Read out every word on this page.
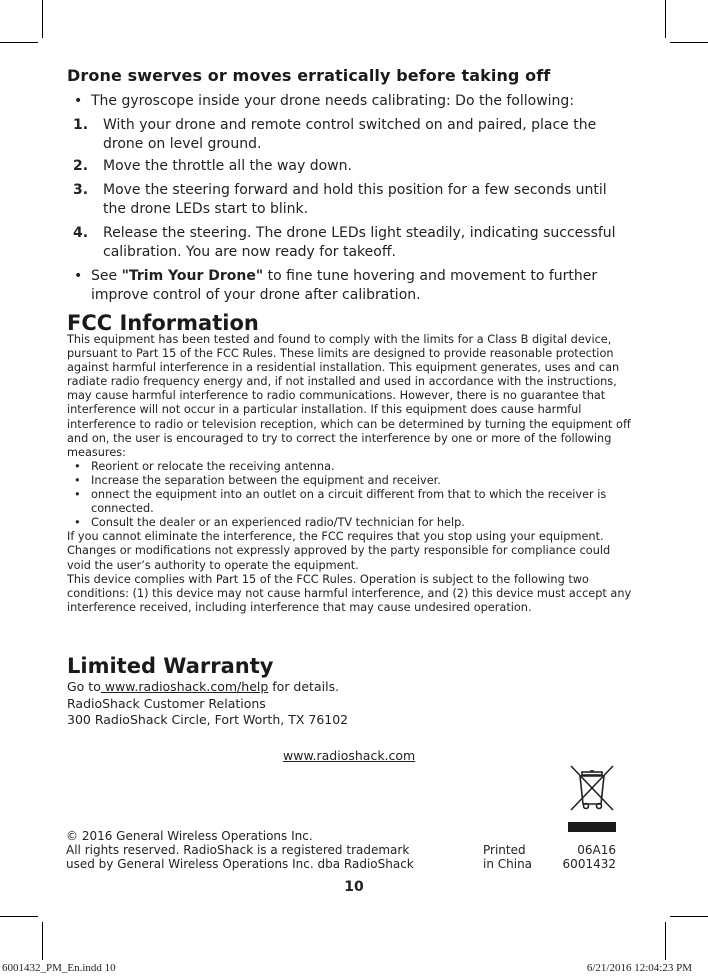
Drone swerves or moves erratically before taking off

• The gyroscope inside your drone needs calibrating: Do the following:

1. With your drone and remote control switched on and paired, place the drone on level ground.

2. Move the throttle all the way down.

3. Move the steering forward and hold this position for a few seconds until the drone LEDs start to blink.

4. Release the steering. The drone LEDs light steadily, indicating successful calibration. You are now ready for takeoff.

• See "Trim Your Drone" to fine tune hovering and movement to further improve control of your drone after calibration.

FCC Information

This equipment has been tested and found to comply with the limits for a Class B digital device, pursuant to Part 15 of the FCC Rules. These limits are designed to provide reasonable protection against harmful interference in a residential installation. This equipment generates, uses and can radiate radio frequency energy and, if not installed and used in accordance with the instructions, may cause harmful interference to radio communications. However, there is no guarantee that interference will not occur in a particular installation. If this equipment does cause harmful interference to radio or television reception, which can be determined by turning the equipment off and on, the user is encouraged to try to correct the interference by one or more of the following measures:

• Reorient or relocate the receiving antenna.

• Increase the separation between the equipment and receiver.

• onnect the equipment into an outlet on a circuit different from that to which the receiver is connected.

• Consult the dealer or an experienced radio/TV technician for help.

If you cannot eliminate the interference, the FCC requires that you stop using your equipment. Changes or modifications not expressly approved by the party responsible for compliance could void the user’s authority to operate the equipment.

This device complies with Part 15 of the FCC Rules. Operation is subject to the following two conditions: (1) this device may not cause harmful interference, and (2) this device must accept any interference received, including interference that may cause undesired operation.

Limited Warranty

Go to www.radioshack.com/help for details.

RadioShack Customer Relations

300 RadioShack Circle, Fort Worth, TX 76102

www.radioshack.com

© 2016 General Wireless Operations Inc.

All rights reserved. RadioShack is a registered trademark

used by General Wireless Operations Inc. dba RadioShack

Printed
in China
06A16
6001432
10
6001432_PM_En.indd 10	6/21/2016 12:04:23 PM
